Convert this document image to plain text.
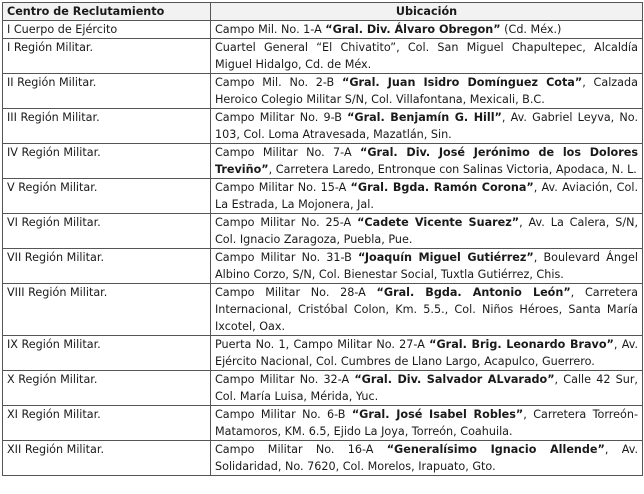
Centro de Reclutamiento	Ubicación
I Cuerpo de Ejército	Campo Mil. No. 1-A “Gral. Div. Álvaro Obregon” (Cd. Méx.)
I Región Militar.	Cuartel General “El Chivatito”, Col. San Miguel Chapultepec, Alcaldía Miguel Hidalgo, Cd. de Méx.
II Región Militar.	Campo Mil. No. 2-B “Gral. Juan Isidro Domínguez Cota”, Calzada Heroico Colegio Militar S/N, Col. Villafontana, Mexicali, B.C.
III Región Militar.	Campo Militar No. 9-B “Gral. Benjamín G. Hill”, Av. Gabriel Leyva, No. 103, Col. Loma Atravesada, Mazatlán, Sin.
IV Región Militar.	Campo Militar No. 7-A “Gral. Div. José Jerónimo de los Dolores Treviño”, Carretera Laredo, Entronque con Salinas Victoria, Apodaca, N. L.
V Región Militar.	Campo Militar No. 15-A “Gral. Bgda. Ramón Corona”, Av. Aviación, Col. La Estrada, La Mojonera, Jal.
VI Región Militar.	Campo Militar No. 25-A “Cadete Vicente Suarez”, Av. La Calera, S/N, Col. Ignacio Zaragoza, Puebla, Pue.
VII Región Militar.	Campo Militar No. 31-B “Joaquín Miguel Gutiérrez”, Boulevard Ángel Albino Corzo, S/N, Col. Bienestar Social, Tuxtla Gutiérrez, Chis.
VIII Región Militar.	Campo Militar No. 28-A “Gral. Bgda. Antonio León”, Carretera Internacional, Cristóbal Colon, Km. 5.5., Col. Niños Héroes, Santa María Ixcotel, Oax.
IX Región Militar.	Puerta No. 1, Campo Militar No. 27-A “Gral. Brig. Leonardo Bravo”, Av. Ejército Nacional, Col. Cumbres de Llano Largo, Acapulco, Guerrero.
X Región Militar.	Campo Militar No. 32-A “Gral. Div. Salvador ALvarado”, Calle 42 Sur, Col. María Luisa, Mérida, Yuc.
XI Región Militar.	Campo Militar No. 6-B “Gral. José Isabel Robles”, Carretera Torreón-Matamoros, KM. 6.5, Ejido La Joya, Torreón, Coahuila.
XII Región Militar.	Campo Militar No. 16-A “Generalísimo Ignacio Allende”, Av. Solidaridad, No. 7620, Col. Morelos, Irapuato, Gto.
